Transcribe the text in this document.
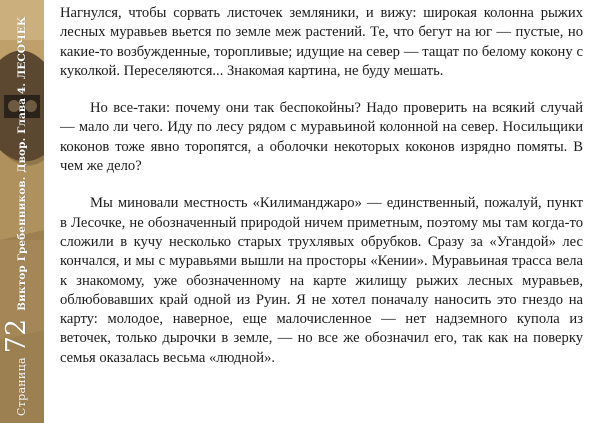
Страница
72
Виктор Гребенников. Двор. Глава 4. ЛЕСОЧЕК

Нагнулся, чтобы сорвать листочек земляники, и вижу: широкая колонна рыжих лесных муравьев вьется по земле меж растений. Те, что бегут на юг — пустые, но какие-то возбужденные, торопливые; идущие на север — тащат по белому кокону с куколкой. Переселяются... Знакомая картина, не буду мешать.

Но все-таки: почему они так беспокойны? Надо проверить на всякий случай — мало ли чего. Иду по лесу рядом с муравьиной колонной на север. Носильщики коконов тоже явно торопятся, а оболочки некоторых коконов изрядно помяты. В чем же дело?

Мы миновали местность «Килиманджаро» — единственный, пожалуй, пункт в Лесочке, не обозначенный природой ничем приметным, поэтому мы там когда-то сложили в кучу несколько старых трухлявых обрубков. Сразу за «Угандой» лес кончался, и мы с муравьями вышли на просторы «Кении». Муравьиная трасса вела к знакомому, уже обозначенному на карте жилищу рыжих лесных муравьев, облюбовавших край одной из Руин. Я не хотел поначалу наносить это гнездо на карту: молодое, наверное, еще малочисленное — нет надземного купола из веточек, только дырочки в земле, — но все же обозначил его, так как на поверку семья оказалась весьма «людной».
